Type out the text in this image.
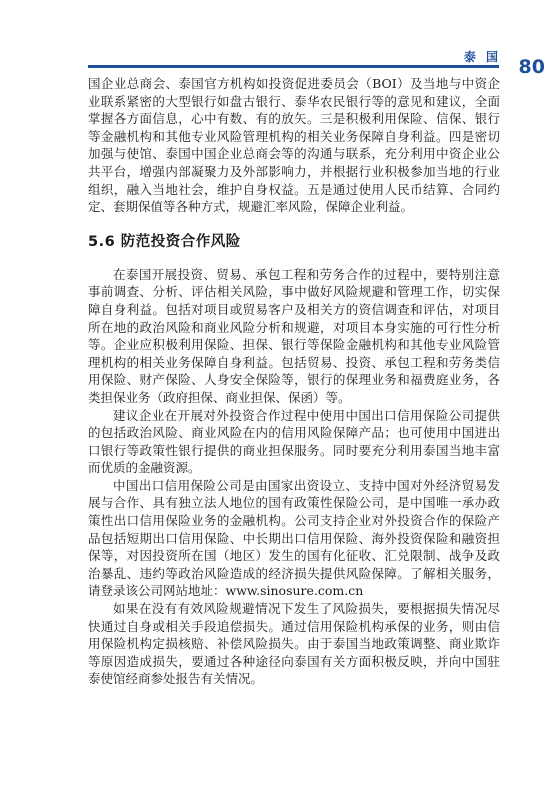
泰 国 80

国企业总商会、泰国官方机构如投资促进委员会（BOI）及当地与中资企业联系紧密的大型银行如盘古银行、泰华农民银行等的意见和建议，全面掌握各方面信息，心中有数、有的放矢。三是积极利用保险、信保、银行等金融机构和其他专业风险管理机构的相关业务保障自身利益。四是密切加强与使馆、泰国中国企业总商会等的沟通与联系，充分利用中资企业公共平台，增强内部凝聚力及外部影响力，并根据行业积极参加当地的行业组织，融入当地社会，维护自身权益。五是通过使用人民币结算、合同约定、套期保值等各种方式，规避汇率风险，保障企业利益。

5.6 防范投资合作风险

在泰国开展投资、贸易、承包工程和劳务合作的过程中，要特别注意事前调查、分析、评估相关风险，事中做好风险规避和管理工作，切实保障自身利益。包括对项目或贸易客户及相关方的资信调查和评估，对项目所在地的政治风险和商业风险分析和规避，对项目本身实施的可行性分析等。企业应积极利用保险、担保、银行等保险金融机构和其他专业风险管理机构的相关业务保障自身利益。包括贸易、投资、承包工程和劳务类信用保险、财产保险、人身安全保险等，银行的保理业务和福费庭业务，各类担保业务（政府担保、商业担保、保函）等。

建议企业在开展对外投资合作过程中使用中国出口信用保险公司提供的包括政治风险、商业风险在内的信用风险保障产品；也可使用中国进出口银行等政策性银行提供的商业担保服务。同时要充分利用泰国当地丰富而优质的金融资源。

中国出口信用保险公司是由国家出资设立、支持中国对外经济贸易发展与合作、具有独立法人地位的国有政策性保险公司，是中国唯一承办政策性出口信用保险业务的金融机构。公司支持企业对外投资合作的保险产品包括短期出口信用保险、中长期出口信用保险、海外投资保险和融资担保等，对因投资所在国（地区）发生的国有化征收、汇兑限制、战争及政治暴乱、违约等政治风险造成的经济损失提供风险保障。了解相关服务，请登录该公司网站地址：www.sinosure.com.cn

如果在没有有效风险规避情况下发生了风险损失，要根据损失情况尽快通过自身或相关手段追偿损失。通过信用保险机构承保的业务，则由信用保险机构定损核赔、补偿风险损失。由于泰国当地政策调整、商业欺诈等原因造成损失，要通过各种途径向泰国有关方面积极反映，并向中国驻泰使馆经商参处报告有关情况。
